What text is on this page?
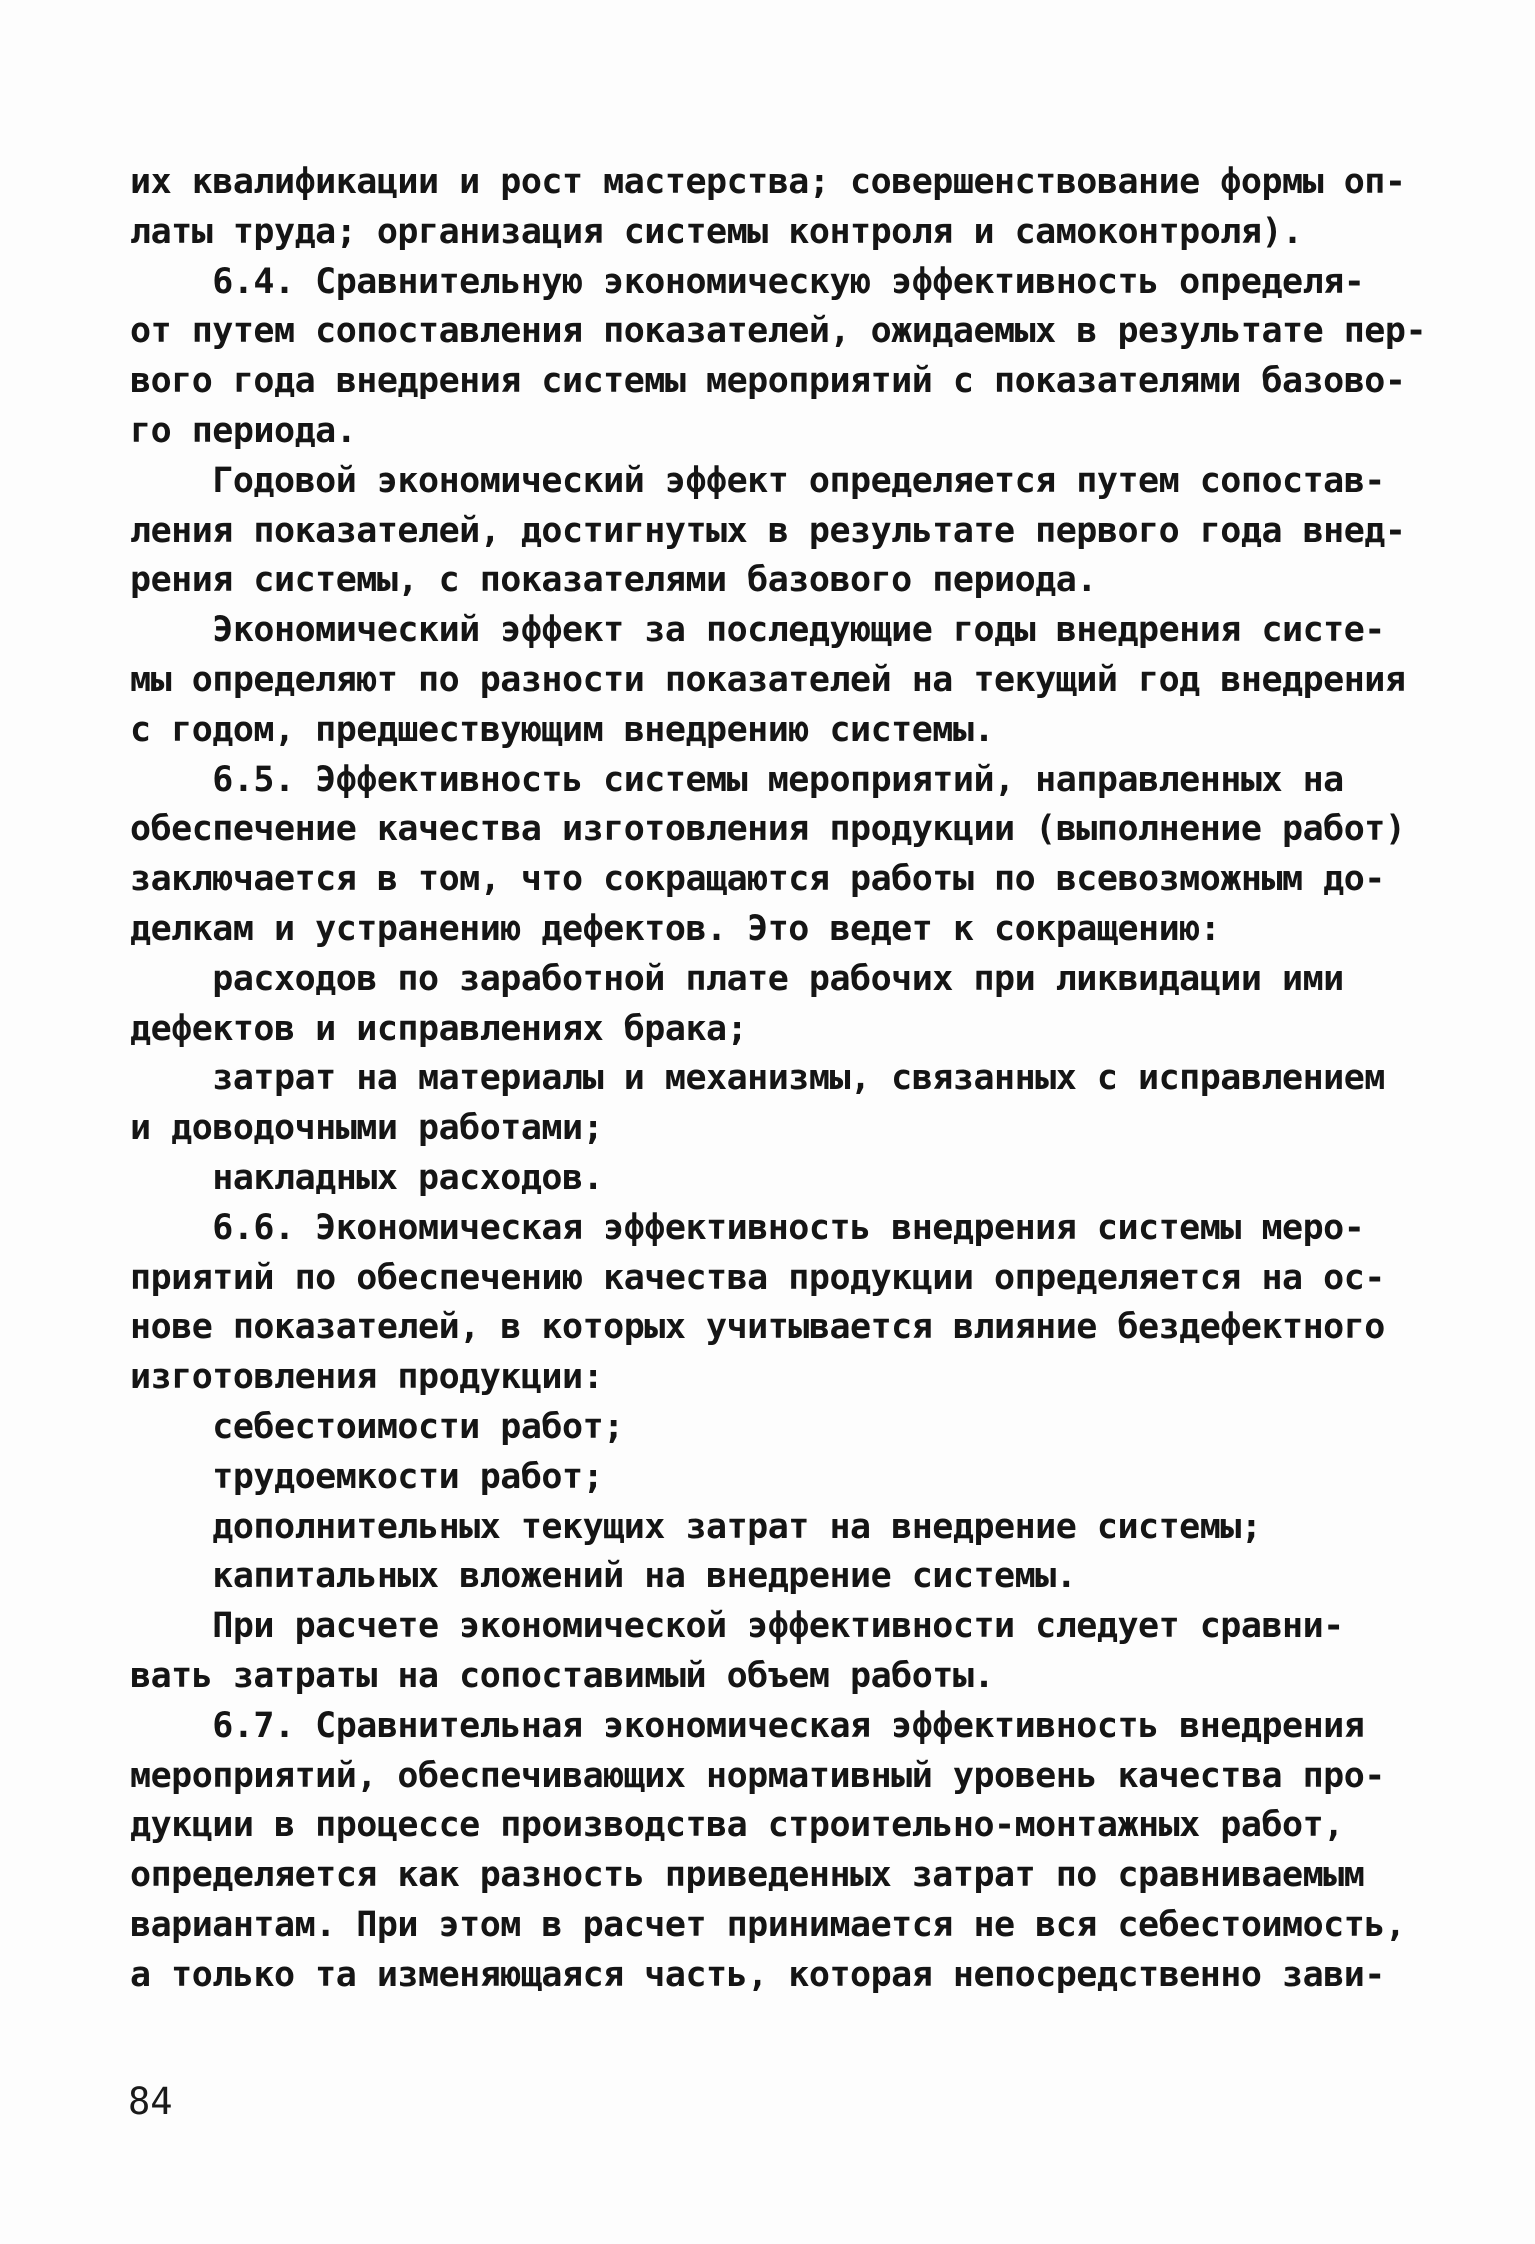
их квалификации и рост мастерства; совершенствование формы оп-
латы труда; организация системы контроля и самоконтроля).
6.4. Сравнительную экономическую эффективность определя-
от путем сопоставления показателей, ожидаемых в результате пер-
вого года внедрения системы мероприятий с показателями базово-
го периода.
Годовой экономический эффект определяется путем сопостав-
ления показателей, достигнутых в результате первого года внед-
рения системы, с показателями базового периода.
Экономический эффект за последующие годы внедрения систе-
мы определяют по разности показателей на текущий год внедрения
с годом, предшествующим внедрению системы.
6.5. Эффективность системы мероприятий, направленных на
обеспечение качества изготовления продукции (выполнение работ)
заключается в том, что сокращаются работы по всевозможным до-
делкам и устранению дефектов. Это ведет к сокращению:
расходов по заработной плате рабочих при ликвидации ими
дефектов и исправлениях брака;
затрат на материалы и механизмы, связанных с исправлением
и доводочными работами;
накладных расходов.
6.6. Экономическая эффективность внедрения системы меро-
приятий по обеспечению качества продукции определяется на ос-
нове показателей, в которых учитывается влияние бездефектного
изготовления продукции:
себестоимости работ;
трудоемкости работ;
дополнительных текущих затрат на внедрение системы;
капитальных вложений на внедрение системы.
При расчете экономической эффективности следует сравни-
вать затраты на сопоставимый объем работы.
6.7. Сравнительная экономическая эффективность внедрения
мероприятий, обеспечивающих нормативный уровень качества про-
дукции в процессе производства строительно-монтажных работ,
определяется как разность приведенных затрат по сравниваемым
вариантам. При этом в расчет принимается не вся себестоимость,
а только та изменяющаяся часть, которая непосредственно зави-
84
